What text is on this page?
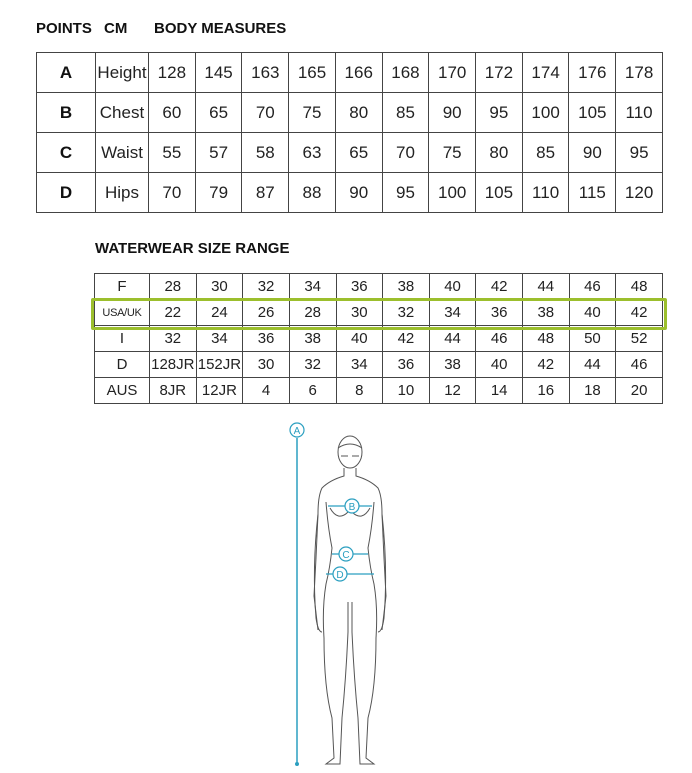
POINTS CM BODY MEASURES
A	Height	128	145	163	165	166	168	170	172	174	176	178
B	Chest	60	65	70	75	80	85	90	95	100	105	110
C	Waist	55	57	58	63	65	70	75	80	85	90	95
D	Hips	70	79	87	88	90	95	100	105	110	115	120
WATERWEAR SIZE RANGE
F	28	30	32	34	36	38	40	42	44	46	48
USA/UK	22	24	26	28	30	32	34	36	38	40	42
I	32	34	36	38	40	42	44	46	48	50	52
D	128JR	152JR	30	32	34	36	38	40	42	44	46
AUS	8JR	12JR	4	6	8	10	12	14	16	18	20
A
B
C
D
